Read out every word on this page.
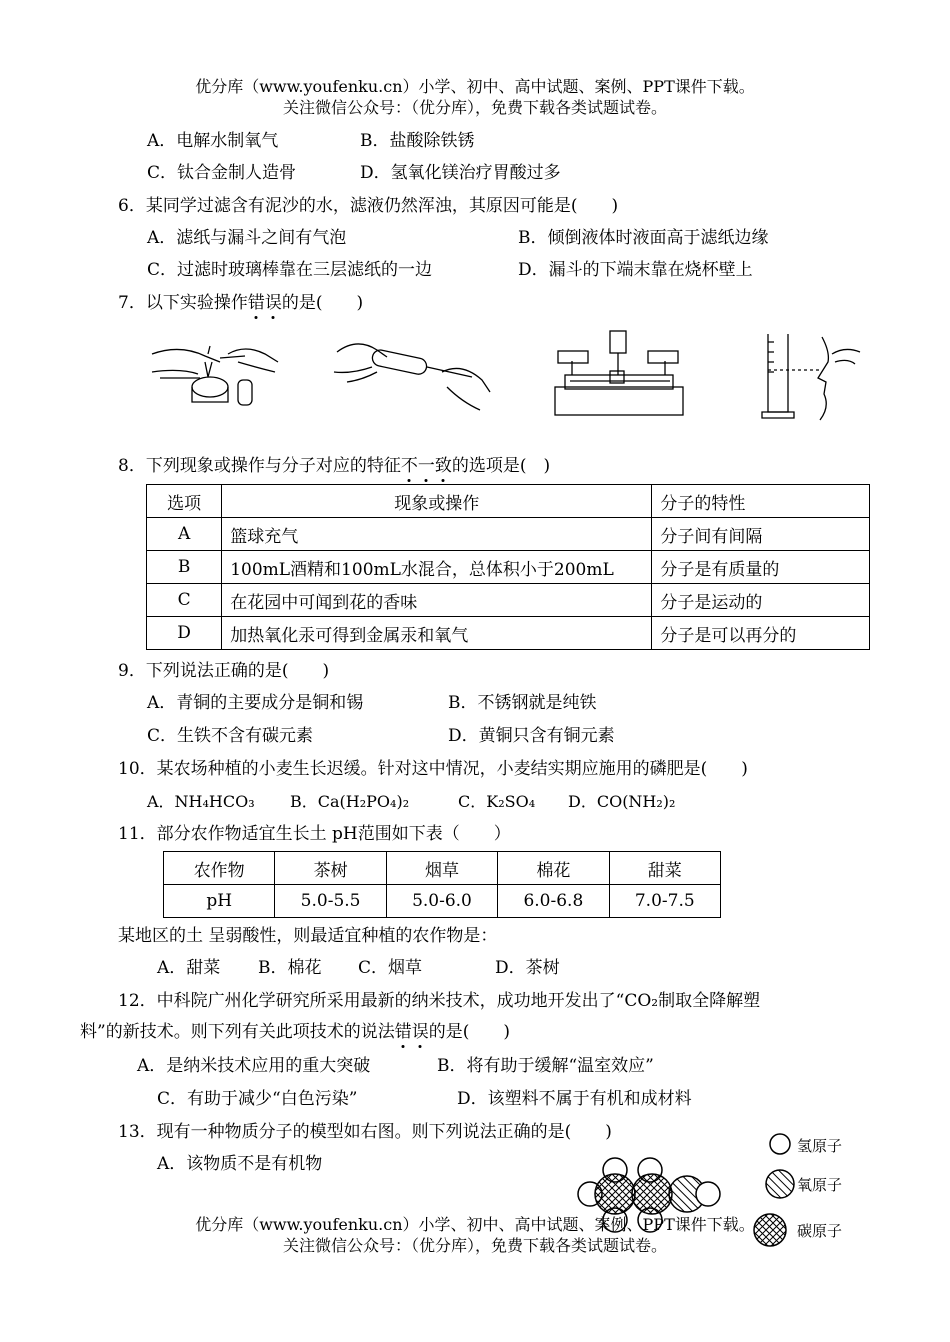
优分库（www.youfenku.cn）小学、初中、高中试题、案例、PPT课件下载。
关注微信公众号：（优分库），免费下载各类试题试卷。
A．电解水制氧气	B．盐酸除铁锈
C．钛合金制人造骨	D．氢氧化镁治疗胃酸过多
6．某同学过滤含有泥沙的水，滤液仍然浑浊，其原因可能是(　　)
A．滤纸与漏斗之间有气泡	B．倾倒液体时液面高于滤纸边缘
C．过滤时玻璃棒靠在三层滤纸的一边	D．漏斗的下端末靠在烧杯壁上
7．以下实验操作错误
的是(　　)
8．下列现象或操作与分子对应的特征不一致
的选项是(　)
选项	现象或操作	分子的特性
A	篮球充气	分子间有间隔
B	100mL酒精和100mL水混合，总体积小于200mL	分子是有质量的
C	在花园中可闻到花的香味	分子是运动的
D	加热氧化汞可得到金属汞和氧气	分子是可以再分的
9．下列说法正确的是(　　)
A．青铜的主要成分是铜和锡	B．不锈钢就是纯铁
C．生铁不含有碳元素	D．黄铜只含有铜元素
10．某农场种植的小麦生长迟缓。针对这中情况，小麦结实期应施用的磷肥是(　　)
A．NH₄HCO₃ B．Ca(H₂PO₄)₂	C．K₂SO₄ D．CO(NH₂)₂
11．部分农作物适宜生长土 pH范围如下表（　　）
农作物	茶树	烟草	棉花	甜菜
pH	5.0-5.5	5.0-6.0	6.0-6.8	7.0-7.5
某地区的土 呈弱酸性，则最适宜种植的农作物是：
A．甜菜 B．棉花 C．烟草	D．茶树
12．中科院广州化学研究所采用最新的纳米技术，成功地开发出了“CO₂制取全降解塑
料”的新技术。则下列有关此项技术的说法错误
的是(　　)
A．是纳米技术应用的重大突破	B．将有助于缓解“温室效应”
C．有助于减少“白色污染”	D．该塑料不属于有机和成材料
13．现有一种物质分子的模型如右图。则下列说法正确的是(　　)
A．该物质不是有机物
氢原子
氧原子
碳原子
优分库（www.youfenku.cn）小学、初中、高中试题、案例、PPT课件下载。
关注微信公众号：（优分库），免费下载各类试题试卷。
